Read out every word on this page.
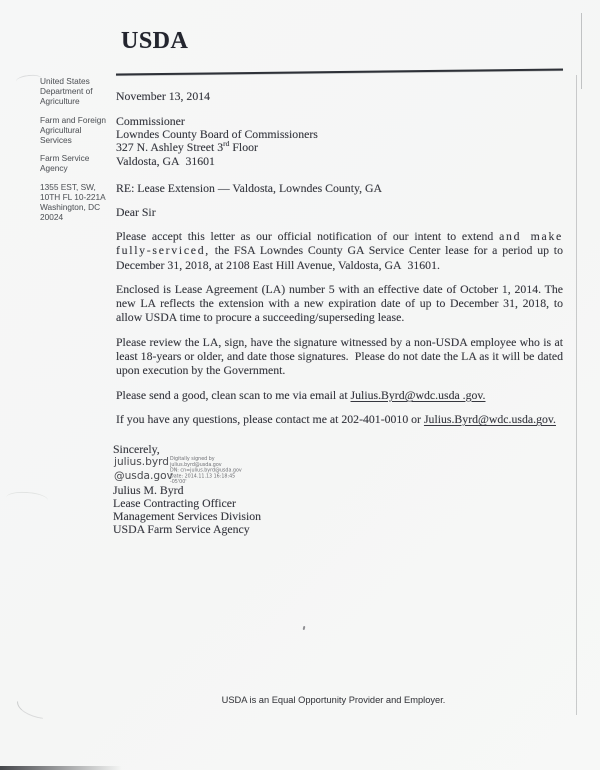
USDA
United States
Department of
Agriculture
Farm and Foreign
Agricultural
Services
Farm Service
Agency
1355 EST, SW,
10TH FL 10-221A
Washington, DC
20024
November 13, 2014
Commissioner
Lowndes County Board of Commissioners
327 N. Ashley Street 3rd Floor
Valdosta, GA  31601
RE: Lease Extension — Valdosta, Lowndes County, GA
Dear Sir

Please accept this letter as our official notification of our intent to extend and make fully-serviced, the FSA Lowndes County GA Service Center lease for a period up to December 31, 2018, at 2108 East Hill Avenue, Valdosta, GA  31601.

Enclosed is Lease Agreement (LA) number 5 with an effective date of October 1, 2014. The new LA reflects the extension with a new expiration date of up to December 31, 2018, to allow USDA time to procure a succeeding/superseding lease.

Please review the LA, sign, have the signature witnessed by a non-USDA employee who is at least 18-years or older, and date those signatures.  Please do not date the LA as it will be dated upon execution by the Government.

Please send a good, clean scan to me via email at Julius.Byrd@wdc.usda .gov.

If you have any questions, please contact me at 202-401-0010 or Julius.Byrd@wdc.usda.gov.

Sincerely,
julius.byrd
@usda.gov
Digitally signed by
julius.byrd@usda.gov
DN: cn=julius.byrd@usda.gov
Date: 2014.11.13 16:18:45
-05'00'
Julius M. Byrd
Lease Contracting Officer
Management Services Division
USDA Farm Service Agency
USDA is an Equal Opportunity Provider and Employer.
